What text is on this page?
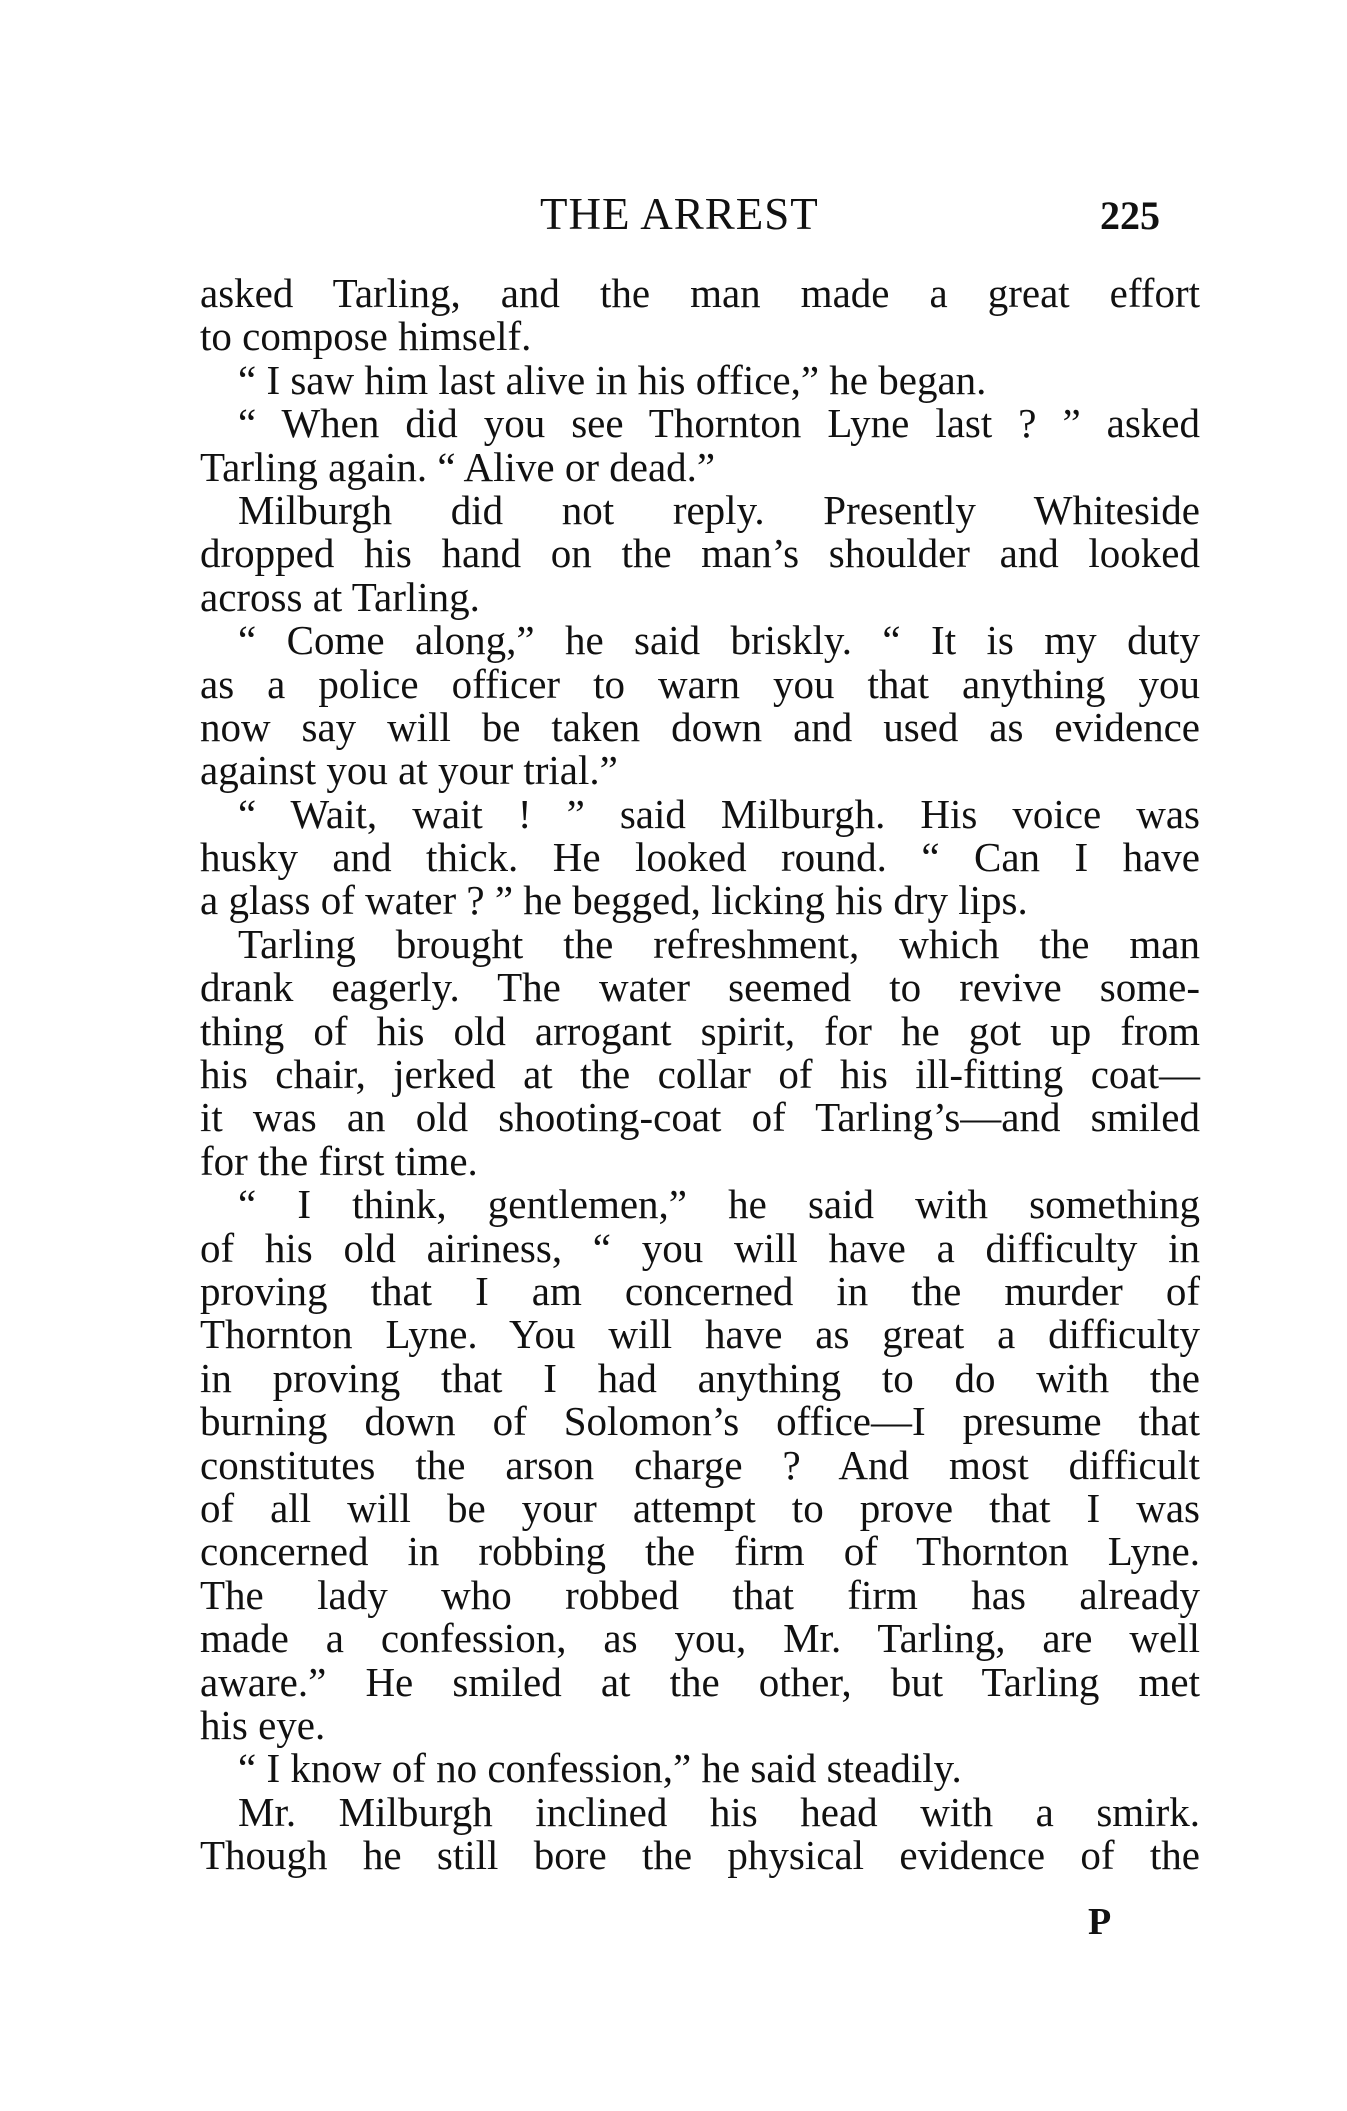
THE ARREST	225
asked Tarling, and the man made a great effort
to compose himself.
“ I saw him last alive in his office,” he began.
“ When did you see Thornton Lyne last ? ” asked
Tarling again. “ Alive or dead.”
Milburgh did not reply. Presently Whiteside
dropped his hand on the man’s shoulder and looked
across at Tarling.
“ Come along,” he said briskly. “ It is my duty
as a police officer to warn you that anything you
now say will be taken down and used as evidence
against you at your trial.”
“ Wait, wait ! ” said Milburgh. His voice was
husky and thick. He looked round. “ Can I have
a glass of water ? ” he begged, licking his dry lips.
Tarling brought the refreshment, which the man
drank eagerly. The water seemed to revive some-
thing of his old arrogant spirit, for he got up from
his chair, jerked at the collar of his ill-fitting coat—
it was an old shooting-coat of Tarling’s—and smiled
for the first time.
“ I think, gentlemen,” he said with something
of his old airiness, “ you will have a difficulty in
proving that I am concerned in the murder of
Thornton Lyne. You will have as great a difficulty
in proving that I had anything to do with the
burning down of Solomon’s office—I presume that
constitutes the arson charge ? And most difficult
of all will be your attempt to prove that I was
concerned in robbing the firm of Thornton Lyne.
The lady who robbed that firm has already
made a confession, as you, Mr. Tarling, are well
aware.” He smiled at the other, but Tarling met
his eye.
“ I know of no confession,” he said steadily.
Mr. Milburgh inclined his head with a smirk.
Though he still bore the physical evidence of the
P
